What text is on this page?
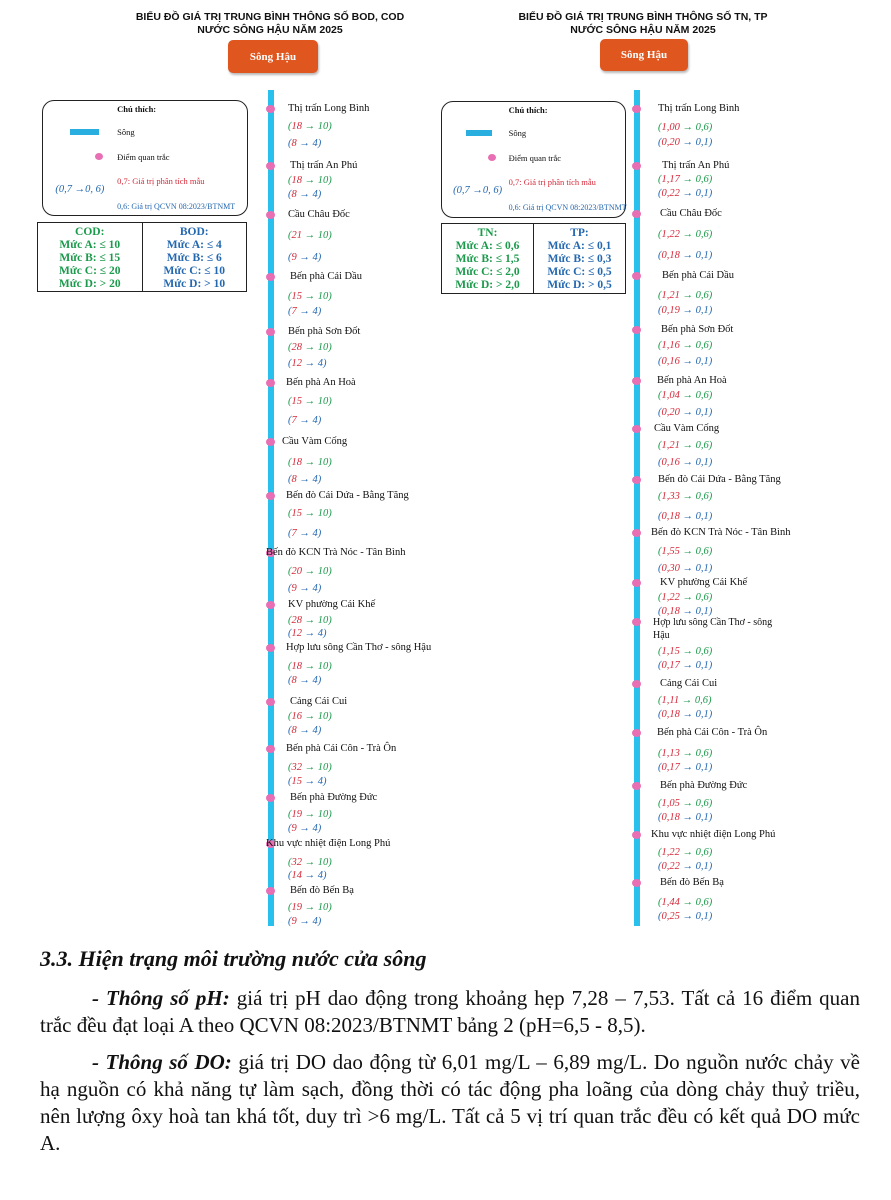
BIỂU ĐỒ GIÁ TRỊ TRUNG BÌNH THÔNG SỐ BOD, COD
NƯỚC SÔNG HẬU NĂM 2025
Sông Hậu
Chú thích:
Sông
Điểm quan trắc
0,7: Giá trị phân tích mẫu
(0,7 →0, 6)
0,6: Giá trị QCVN 08:2023/BTNMT
COD:
Mức A: ≤ 10
Mức B: ≤ 15
Mức C: ≤ 20
Mức D: > 20
BOD:
Mức A: ≤ 4
Mức B: ≤ 6
Mức C: ≤ 10
Mức D: > 10
Thị trấn Long Bình
(18 → 10)
(8 → 4)
Thị trấn An Phú
(18 → 10)
(8 → 4)
Cầu Châu Đốc
(21 → 10)
(9 → 4)
Bến phà Cái Dầu
(15 → 10)
(7 → 4)
Bến phà Sơn Đốt
(28 → 10)
(12 → 4)
Bến phà An Hoà
(15 → 10)
(7 → 4)
Cầu Vàm Cống
(18 → 10)
(8 → 4)
Bến đò Cái Dứa - Bằng Tăng
(15 → 10)
(7 → 4)
Bến đò KCN Trà Nóc - Tân Bình
(20 → 10)
(9 → 4)
KV phường Cái Khế
(28 → 10)
(12 → 4)
Hợp lưu sông Cần Thơ - sông Hậu
(18 → 10)
(8 → 4)
Cảng Cái Cui
(16 → 10)
(8 → 4)
Bến phà Cái Côn - Trà Ôn
(32 → 10)
(15 → 4)
Bến phà Đường Đức
(19 → 10)
(9 → 4)
Khu vực nhiệt điện Long Phú
(32 → 10)
(14 → 4)
Bến đò Bến Bạ
(19 → 10)
(9 → 4)
BIỂU ĐỒ GIÁ TRỊ TRUNG BÌNH THÔNG SỐ TN, TP
NƯỚC SÔNG HẬU NĂM 2025
Sông Hậu
Chú thích:
Sông
Điểm quan trắc
0,7: Giá trị phân tích mẫu
(0,7 →0, 6)
0,6: Giá trị QCVN 08:2023/BTNMT
TN:
Mức A: ≤ 0,6
Mức B: ≤ 1,5
Mức C: ≤ 2,0
Mức D: > 2,0
TP:
Mức A: ≤ 0,1
Mức B: ≤ 0,3
Mức C: ≤ 0,5
Mức D: > 0,5
Thị trấn Long Bình
(1,00 → 0,6)
(0,20 → 0,1)
Thị trấn An Phú
(1,17 → 0,6)
(0,22 → 0,1)
Cầu Châu Đốc
(1,22 → 0,6)
(0,18 → 0,1)
Bến phà Cái Dầu
(1,21 → 0,6)
(0,19 → 0,1)
Bến phà Sơn Đốt
(1,16 → 0,6)
(0,16 → 0,1)
Bến phà An Hoà
(1,04 → 0,6)
(0,20 → 0,1)
Cầu Vàm Cống
(1,21 → 0,6)
(0,16 → 0,1)
Bến đò Cái Dứa - Bằng Tăng
(1,33 → 0,6)
(0,18 → 0,1)
Bến đò KCN Trà Nóc - Tân Bình
(1,55 → 0,6)
(0,30 → 0,1)
KV phường Cái Khế
(1,22 → 0,6)
(0,18 → 0,1)
Hợp lưu sông Cần Thơ - sông Hậu
(1,15 → 0,6)
(0,17 → 0,1)
Cảng Cái Cui
(1,11 → 0,6)
(0,18 → 0,1)
Bến phà Cái Côn - Trà Ôn
(1,13 → 0,6)
(0,17 → 0,1)
Bến phà Đường Đức
(1,05 → 0,6)
(0,18 → 0,1)
Khu vực nhiệt điện Long Phú
(1,22 → 0,6)
(0,22 → 0,1)
Bến đò Bến Bạ
(1,44 → 0,6)
(0,25 → 0,1)
3.3. Hiện trạng môi trường nước cửa sông

- Thông số pH: giá trị pH dao động trong khoảng hẹp 7,28 – 7,53. Tất cả 16 điểm quan trắc đều đạt loại A theo QCVN 08:2023/BTNMT bảng 2 (pH=6,5 - 8,5).

- Thông số DO: giá trị DO dao động từ 6,01 mg/L – 6,89 mg/L. Do nguồn nước chảy về hạ nguồn có khả năng tự làm sạch, đồng thời có tác động pha loãng của dòng chảy thuỷ triều, nên lượng ôxy hoà tan khá tốt, duy trì >6 mg/L. Tất cả 5 vị trí quan trắc đều có kết quả DO mức A.
